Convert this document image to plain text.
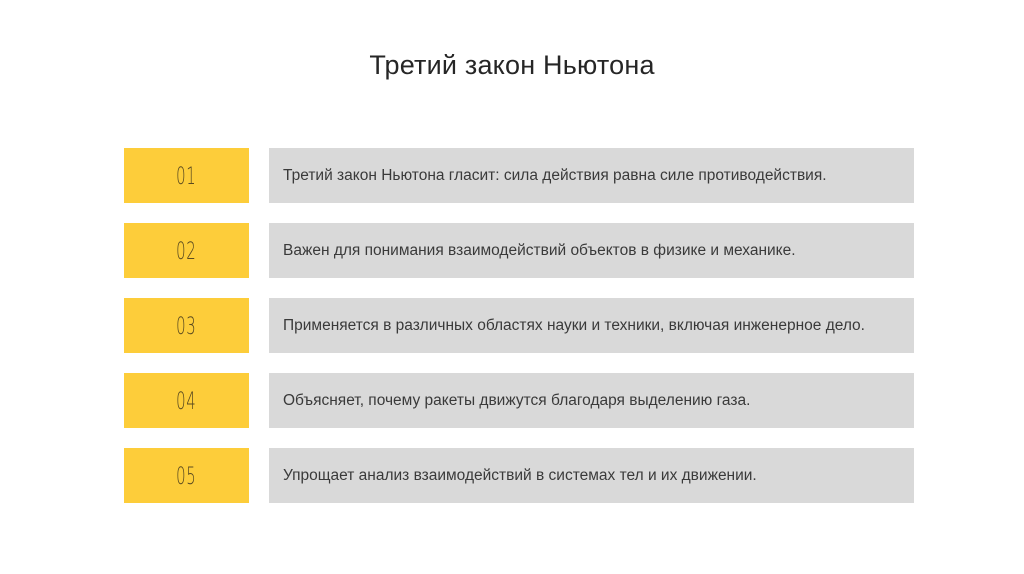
Третий закон Ньютона
01	Третий закон Ньютона гласит: сила действия равна силе противодействия.
02	Важен для понимания взаимодействий объектов в физике и механике.
03	Применяется в различных областях науки и техники, включая инженерное дело.
04	Объясняет, почему ракеты движутся благодаря выделению газа.
05	Упрощает анализ взаимодействий в системах тел и их движении.
